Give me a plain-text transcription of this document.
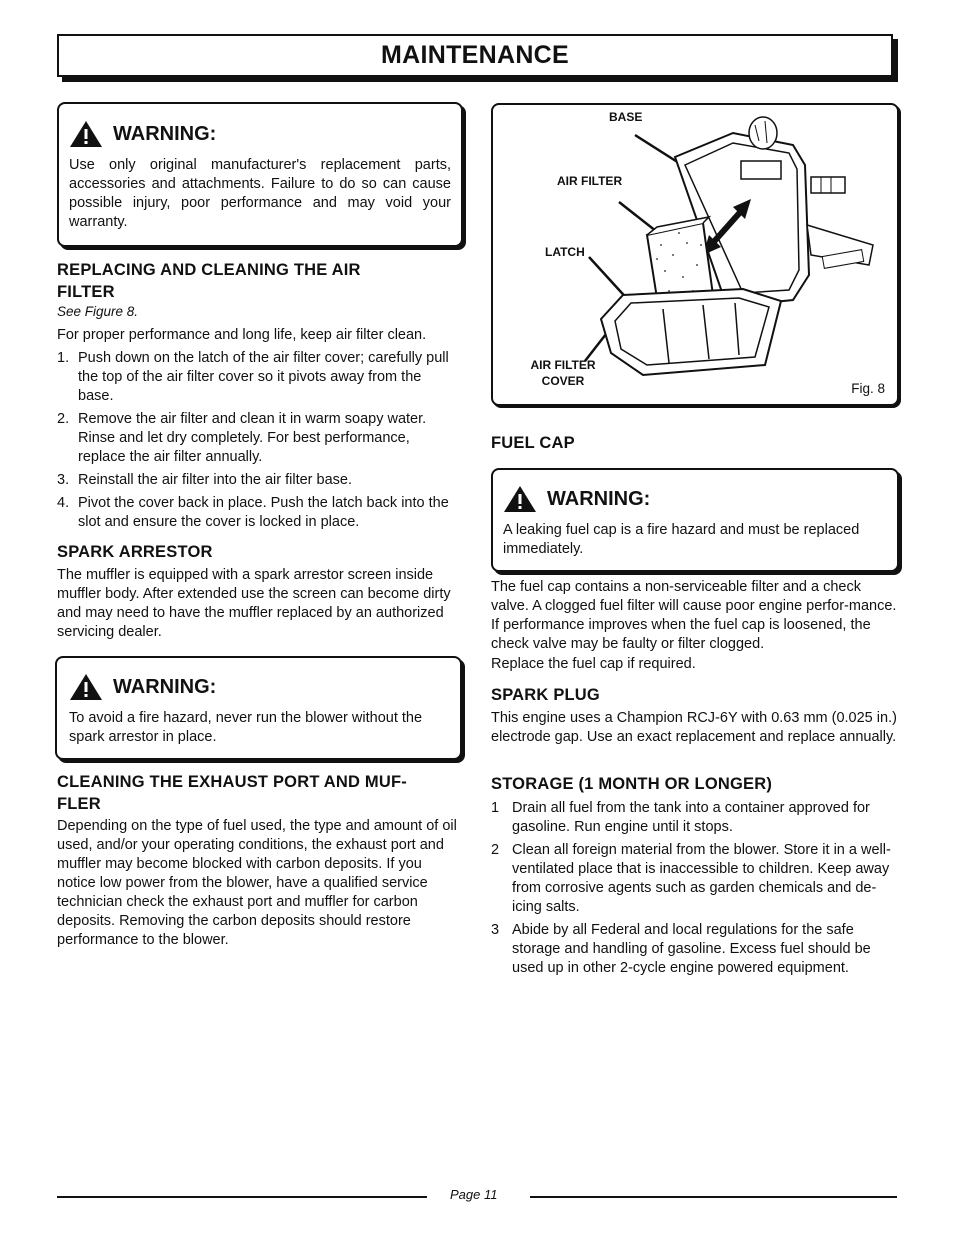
MAINTENANCE
WARNING:
Use only original manufacturer's replacement parts, accessories and attachments. Failure to do so can cause possible injury, poor performance and may void your warranty.
REPLACING AND CLEANING THE AIR
FILTER
See Figure 8.
For proper performance and long life, keep air filter clean.
1. Push down on the latch of the air filter cover; carefully pull the top of the air filter cover so it pivots away from the base.
2. Remove the air filter and clean it in warm soapy water. Rinse and let dry completely. For best performance, replace the air filter annually.
3. Reinstall the air filter into the air filter base.
4. Pivot the cover back in place. Push the latch back into the slot and ensure the cover is locked in place.
SPARK ARRESTOR
The muffler is equipped with a spark arrestor screen inside muffler body. After extended use the screen can become dirty and may need to have the muffler replaced by an authorized servicing dealer.
WARNING:
To avoid a fire hazard, never run the blower without the spark arrestor in place.
CLEANING THE EXHAUST PORT AND MUF-
FLER
Depending on the type of fuel used, the type and amount of oil used, and/or your operating conditions, the exhaust port and muffler may become blocked with carbon deposits. If you notice low power from the blower, have a qualified service technician check the exhaust port and muffler for carbon deposits. Removing the carbon deposits should restore performance to the blower.
BASE
AIR FILTER
LATCH
AIR FILTER
COVER	Fig. 8
FUEL CAP
WARNING:
A leaking fuel cap is a fire hazard and must be replaced immediately.
The fuel cap contains a non-serviceable filter and a check valve. A clogged fuel filter will cause poor engine perfor-mance. If performance improves when the fuel cap is loosened, the check valve may be faulty or filter clogged.
Replace the fuel cap if required.
SPARK PLUG
This engine uses a Champion RCJ-6Y with 0.63 mm (0.025 in.) electrode gap. Use an exact replacement and replace annually.
STORAGE (1 MONTH OR LONGER)
1 Drain all fuel from the tank into a container approved for gasoline. Run engine until it stops.
2 Clean all foreign material from the blower. Store it in a well-ventilated place that is inaccessible to children. Keep away from corrosive agents such as garden chemicals and de-icing salts.
3 Abide by all Federal and local regulations for the safe storage and handling of gasoline. Excess fuel should be used up in other 2-cycle engine powered equipment.
Page 11
